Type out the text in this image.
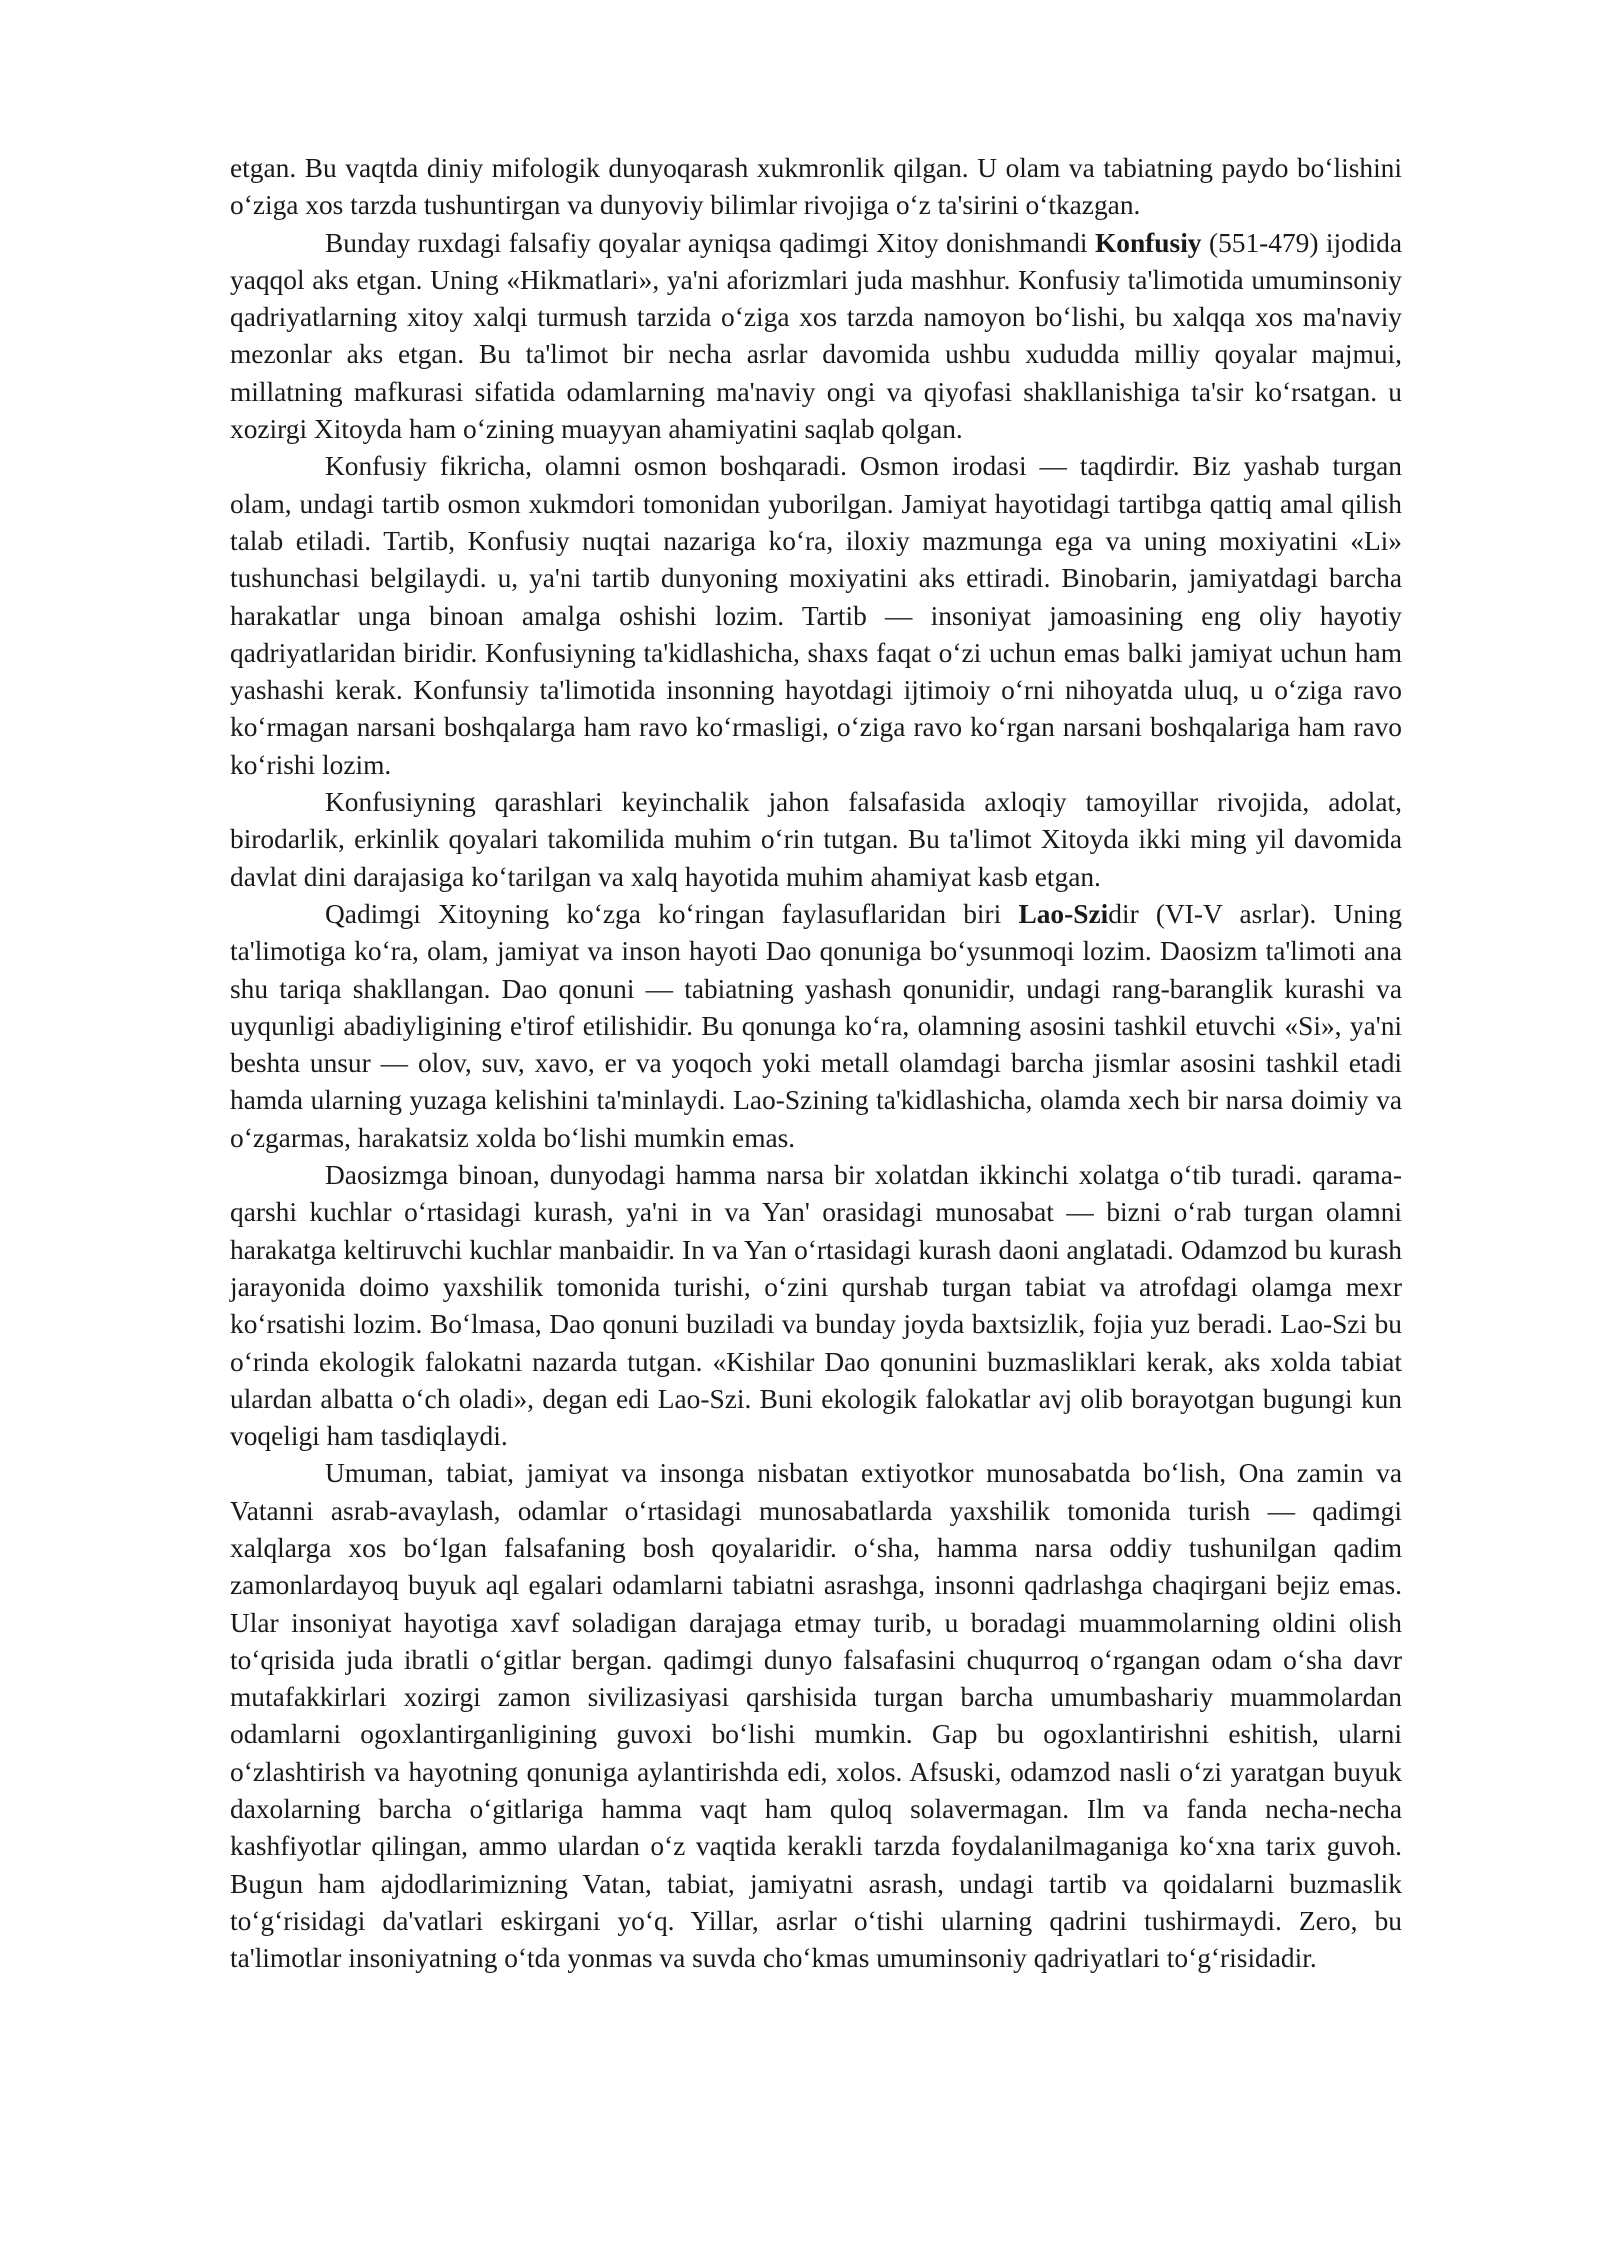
etgan. Bu vaqtda diniy mifologik dunyoqarash xukmronlik qilgan. U olam va tabiatning paydo bo‘lishini o‘ziga xos tarzda tushuntirgan va dunyoviy bilimlar rivojiga o‘z ta'sirini o‘tkazgan.

Bunday ruxdagi falsafiy qoyalar ayniqsa qadimgi Xitoy donishmandi Konfusiy (551-479) ijodida yaqqol aks etgan. Uning «Hikmatlari», ya'ni aforizmlari juda mashhur. Konfusiy ta'limotida umuminsoniy qadriyatlarning xitoy xalqi turmush tarzida o‘ziga xos tarzda namoyon bo‘lishi, bu xalqqa xos ma'naviy mezonlar aks etgan. Bu ta'limot bir necha asrlar davomida ushbu xududda milliy qoyalar majmui, millatning mafkurasi sifatida odamlarning ma'naviy ongi va qiyofasi shakllanishiga ta'sir ko‘rsatgan. u xozirgi Xitoyda ham o‘zining muayyan ahamiyatini saqlab qolgan.

Konfusiy fikricha, olamni osmon boshqaradi. Osmon irodasi — taqdirdir. Biz yashab turgan olam, undagi tartib osmon xukmdori tomonidan yuborilgan. Jamiyat hayotidagi tartibga qattiq amal qilish talab etiladi. Tartib, Konfusiy nuqtai nazariga ko‘ra, iloxiy mazmunga ega va uning moxiyatini «Li» tushunchasi belgilaydi. u, ya'ni tartib dunyoning moxiyatini aks ettiradi. Binobarin, jamiyatdagi barcha harakatlar unga binoan amalga oshishi lozim. Tartib — insoniyat jamoasining eng oliy hayotiy qadriyatlaridan biridir. Konfusiyning ta'kidlashicha, shaxs faqat o‘zi uchun emas balki jamiyat uchun ham yashashi kerak. Konfunsiy ta'limotida insonning hayotdagi ijtimoiy o‘rni nihoyatda uluq, u o‘ziga ravo ko‘rmagan narsani boshqalarga ham ravo ko‘rmasligi, o‘ziga ravo ko‘rgan narsani boshqalariga ham ravo ko‘rishi lozim.

Konfusiyning qarashlari keyinchalik jahon falsafasida axloqiy tamoyillar rivojida, adolat, birodarlik, erkinlik qoyalari takomilida muhim o‘rin tutgan. Bu ta'limot Xitoyda ikki ming yil davomida davlat dini darajasiga ko‘tarilgan va xalq hayotida muhim ahamiyat kasb etgan.

Qadimgi Xitoyning ko‘zga ko‘ringan faylasuflaridan biri Lao-Szidir (VI-V asrlar). Uning ta'limotiga ko‘ra, olam, jamiyat va inson hayoti Dao qonuniga bo‘ysunmoqi lozim. Daosizm ta'limoti ana shu tariqa shakllangan. Dao qonuni — tabiatning yashash qonunidir, undagi rang-baranglik kurashi va uyqunligi abadiyligining e'tirof etilishidir. Bu qonunga ko‘ra, olamning asosini tashkil etuvchi «Si», ya'ni beshta unsur — olov, suv, xavo, er va yoqoch yoki metall olamdagi barcha jismlar asosini tashkil etadi hamda ularning yuzaga kelishini ta'minlaydi. Lao-Szining ta'kidlashicha, olamda xech bir narsa doimiy va o‘zgarmas, harakatsiz xolda bo‘lishi mumkin emas.

Daosizmga binoan, dunyodagi hamma narsa bir xolatdan ikkinchi xolatga o‘tib turadi. qarama-qarshi kuchlar o‘rtasidagi kurash, ya'ni in va Yan' orasidagi munosabat — bizni o‘rab turgan olamni harakatga keltiruvchi kuchlar manbaidir. In va Yan o‘rtasidagi kurash daoni anglatadi. Odamzod bu kurash jarayonida doimo yaxshilik tomonida turishi, o‘zini qurshab turgan tabiat va atrofdagi olamga mexr ko‘rsatishi lozim. Bo‘lmasa, Dao qonuni buziladi va bunday joyda baxtsizlik, fojia yuz beradi. Lao-Szi bu o‘rinda ekologik falokatni nazarda tutgan. «Kishilar Dao qonunini buzmasliklari kerak, aks xolda tabiat ulardan albatta o‘ch oladi», degan edi Lao-Szi. Buni ekologik falokatlar avj olib borayotgan bugungi kun voqeligi ham tasdiqlaydi.

Umuman, tabiat, jamiyat va insonga nisbatan extiyotkor munosabatda bo‘lish, Ona zamin va Vatanni asrab-avaylash, odamlar o‘rtasidagi munosabatlarda yaxshilik tomonida turish — qadimgi xalqlarga xos bo‘lgan falsafaning bosh qoyalaridir. o‘sha, hamma narsa oddiy tushunilgan qadim zamonlardayoq buyuk aql egalari odamlarni tabiatni asrashga, insonni qadrlashga chaqirgani bejiz emas. Ular insoniyat hayotiga xavf soladigan darajaga etmay turib, u boradagi muammolarning oldini olish to‘qrisida juda ibratli o‘gitlar bergan. qadimgi dunyo falsafasini chuqurroq o‘rgangan odam o‘sha davr mutafakkirlari xozirgi zamon sivilizasiyasi qarshisida turgan barcha umumbashariy muammolardan odamlarni ogoxlantirganligining guvoxi bo‘lishi mumkin. Gap bu ogoxlantirishni eshitish, ularni o‘zlashtirish va hayotning qonuniga aylantirishda edi, xolos. Afsuski, odamzod nasli o‘zi yaratgan buyuk daxolarning barcha o‘gitlariga hamma vaqt ham quloq solavermagan. Ilm va fanda necha-necha kashfiyotlar qilingan, ammo ulardan o‘z vaqtida kerakli tarzda foydalanilmaganiga ko‘xna tarix guvoh. Bugun ham ajdodlarimizning Vatan, tabiat, jamiyatni asrash, undagi tartib va qoidalarni buzmaslik to‘g‘risidagi da'vatlari eskirgani yo‘q. Yillar, asrlar o‘tishi ularning qadrini tushirmaydi. Zero, bu ta'limotlar insoniyatning o‘tda yonmas va suvda cho‘kmas umuminsoniy qadriyatlari to‘g‘risidadir.
